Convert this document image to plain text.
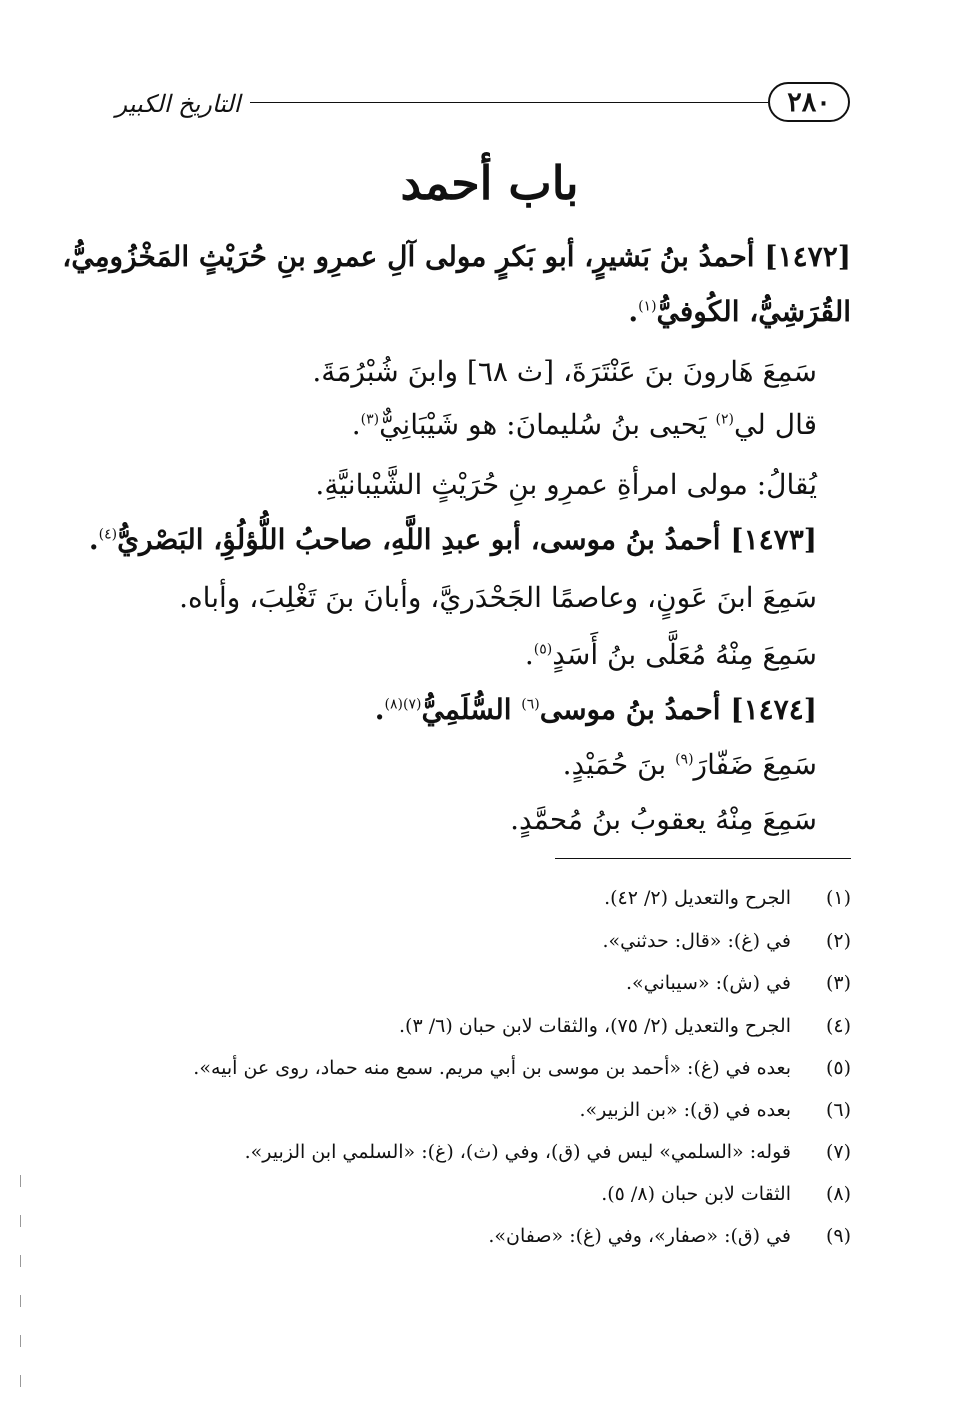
٢٨٠
التاريخ الكبير
باب أحمد
[١٤٧٢] أحمدُ بنُ بَشيرٍ، أبو بَكرٍ مولى آلِ عمرِو بنِ حُرَيْثٍ المَخْزُومِيُّ،
القُرَشِيُّ، الكُوفيُّ$^{(١)}$.
سَمِعَ هَارونَ بنَ عَنْتَرَةَ، [ث ٦٨] وابنَ شُبْرُمَةَ.
قال لي$^{(٢)}$ يَحيى بنُ سُليمانَ: هو شَيْبَانِيٌّ$^{(٣)}$.
يُقالُ: مولى امرأةِ عمرِو بنِ حُرَيْثٍ الشَّيْبانيَّةِ.
[١٤٧٣] أحمدُ بنُ موسى، أبو عبدِ اللَّهِ، صاحبُ اللُّؤلُؤِ، البَصْريُّ$^{(٤)}$.
سَمِعَ ابنَ عَونٍ، وعاصمًا الجَحْدَريَّ، وأبانَ بنَ تَغْلِبَ، وأباه.
سَمِعَ مِنْهُ مُعَلَّى بنُ أَسَدٍ$^{(٥)}$.
[١٤٧٤] أحمدُ بنُ موسى$^{(٦)}$ السُّلَمِيُّ$^{(٧)(٨)}$.
سَمِعَ ضَفّارَ$^{(٩)}$ بنَ حُمَيْدٍ.
سَمِعَ مِنْهُ يعقوبُ بنُ مُحمَّدٍ.
(١)الجرح والتعديل (٢/ ٤٢).
(٢)في (غ): «قال: حدثني».
(٣)في (ش): «سيباني».
(٤)الجرح والتعديل (٢/ ٧٥)، والثقات لابن حبان (٦/ ٣).
(٥)بعده في (غ): «أحمد بن موسى بن أبي مريم. سمع منه حماد، روى عن أبيه».
(٦)بعده في (ق): «بن الزبير».
(٧)قوله: «السلمي» ليس في (ق)، وفي (ث)، (غ): «السلمي ابن الزبير».
(٨)الثقات لابن حبان (٨/ ٥).
(٩)في (ق): «صفار»، وفي (غ): «صفان».
